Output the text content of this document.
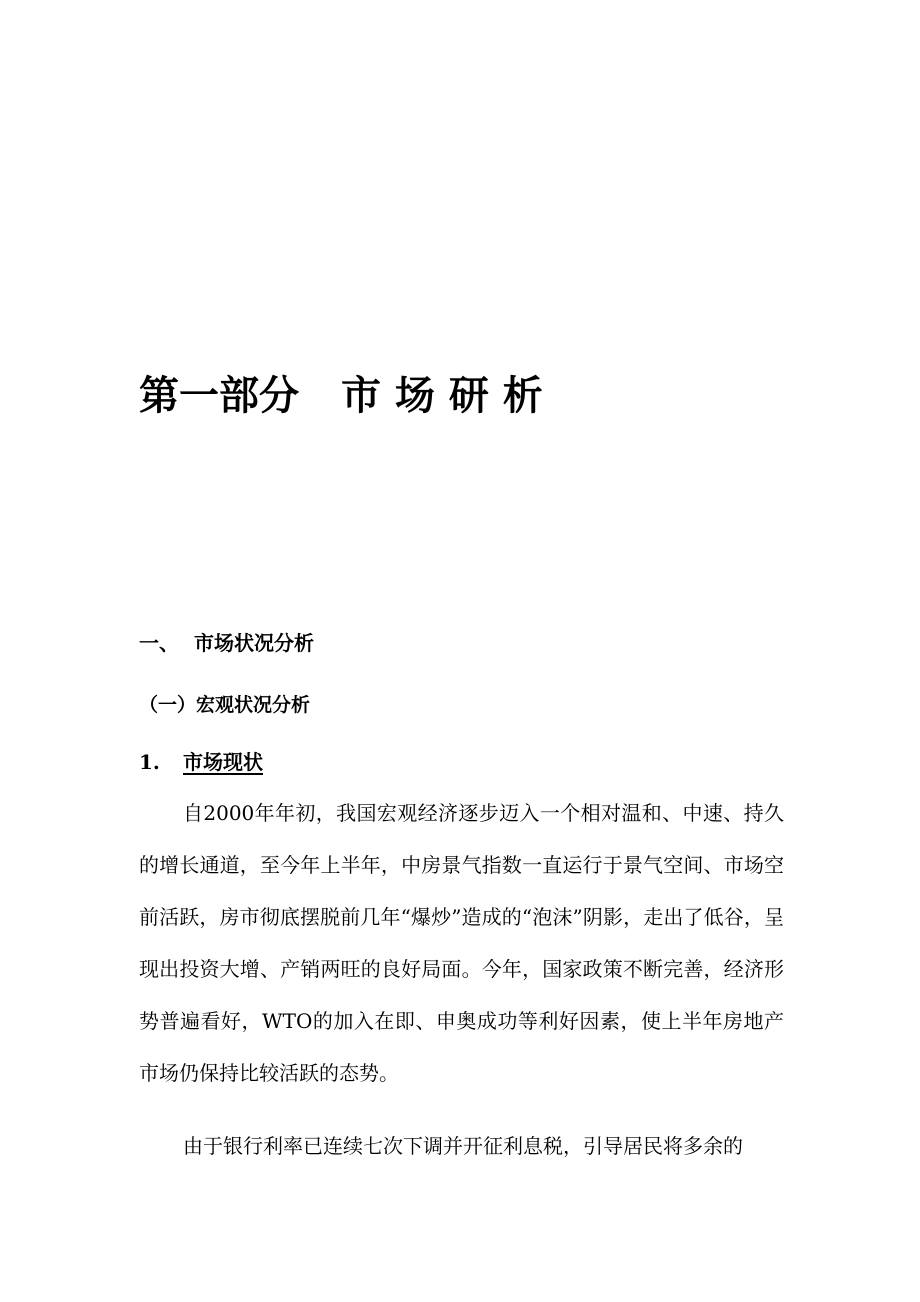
第一部分 市 场 研 析
一、 市场状况分析
（一）宏观状况分析
1. 市场现状

自2000年年初，我国宏观经济逐步迈入一个相对温和、中速、持久的增长通道，至今年上半年，中房景气指数一直运行于景气空间、市场空前活跃，房市彻底摆脱前几年“爆炒”造成的“泡沫”阴影，走出了低谷，呈现出投资大增、产销两旺的良好局面。今年，国家政策不断完善，经济形势普遍看好，WTO的加入在即、申奥成功等利好因素，使上半年房地产市场仍保持比较活跃的态势。

由于银行利率已连续七次下调并开征利息税，引导居民将多余的
